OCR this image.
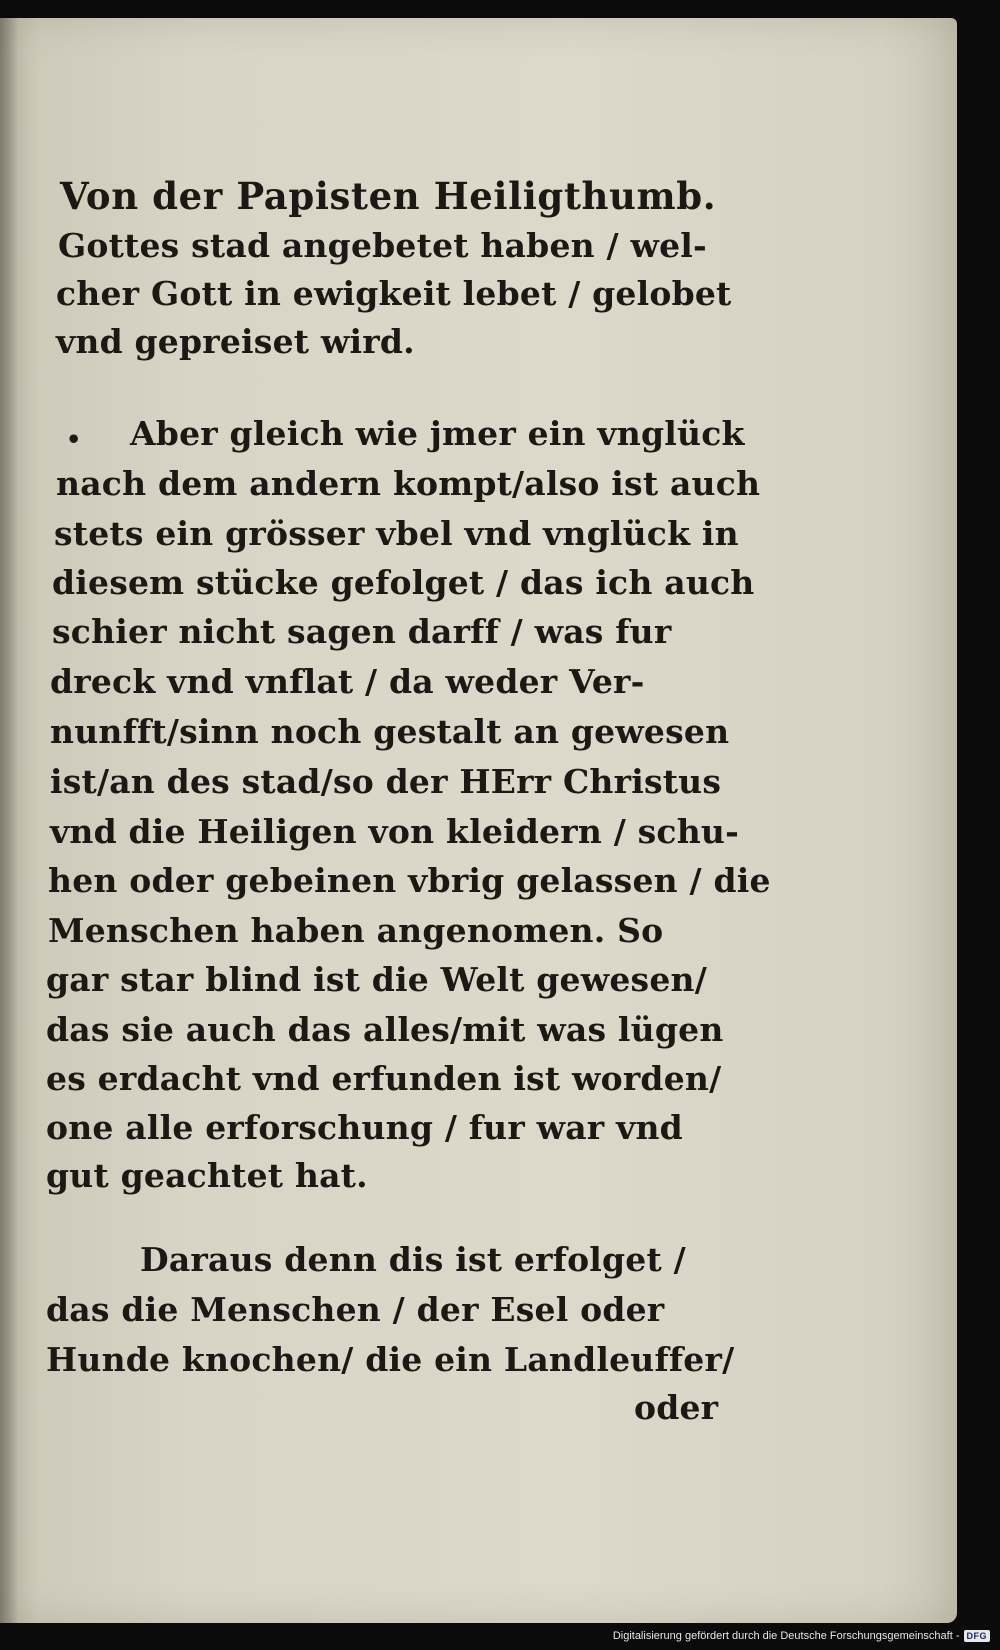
Von der Papisten Heiligthumb.

Gottes stad angebetet haben / wel-

cher Gott in ewigkeit lebet / gelobet

vnd gepreiset wird.

• Aber gleich wie jmer ein vnglück

nach dem andern kompt/also ist auch

stets ein grösser vbel vnd vnglück in

diesem stücke gefolget / das ich auch

schier nicht sagen darff / was fur

dreck vnd vnflat / da weder Ver-

nunfft/sinn noch gestalt an gewesen

ist/an des stad/so der HErr Christus

vnd die Heiligen von kleidern / schu-

hen oder gebeinen vbrig gelassen / die

Menschen haben angenomen. So

gar star blind ist die Welt gewesen/

das sie auch das alles/mit was lügen

es erdacht vnd erfunden ist worden/

one alle erforschung / fur war vnd

gut geachtet hat.

Daraus denn dis ist erfolget /

das die Menschen / der Esel oder

Hunde knochen/ die ein Landleuffer/

oder

Digitalisierung gefördert durch die Deutsche Forschungsgemeinschaft - DFG
